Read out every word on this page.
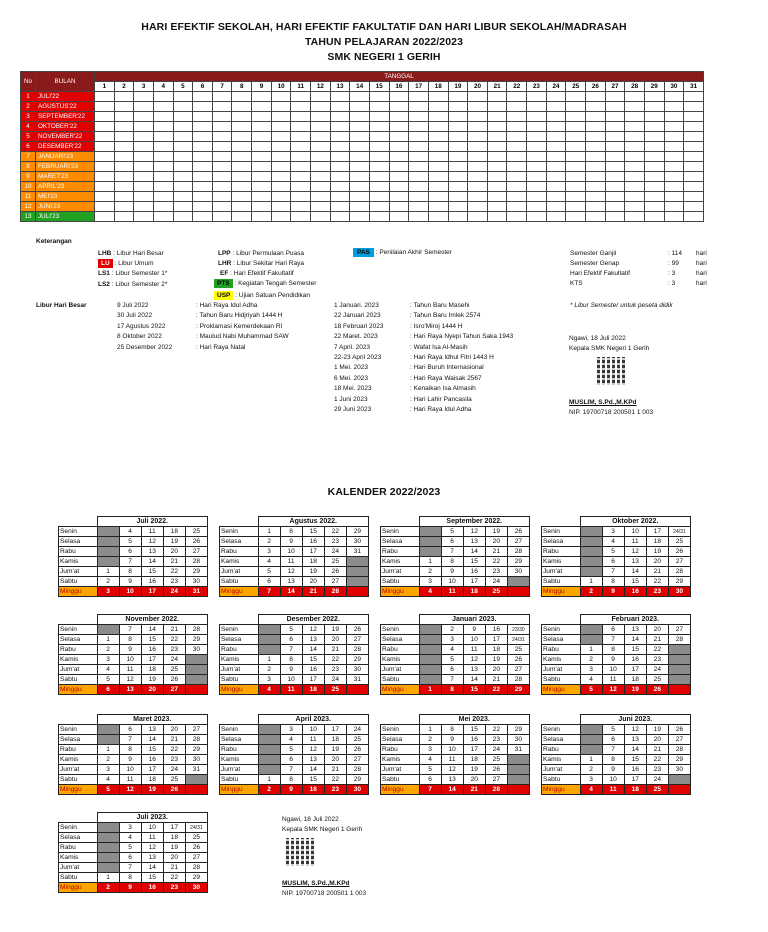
HARI EFEKTIF SEKOLAH, HARI EFEKTIF FAKULTATIF DAN HARI LIBUR SEKOLAH/MADRASAH
TAHUN PELAJARAN 2022/2023
SMK NEGERI 1 GERIH
No	BULAN	TANGGAL																														
		1	2	3	4	5	6	7	8	9	10	11	12	13	14	15	16	17	18	19	20	21	22	23	24	25	26	27	28	29	30	31
1	JULI'22																															
2	AGUSTUS'22																															
3	SEPTEMBER'22																															
4	OKTOBER'22																															
5	NOVEMBER'22																															
6	DESEMBER'22																															
7	JANUARI'23																															
8	FEBRUARI'23																															
9	MARET'23																															
10	APRIL'23																															
11	MEI'23																															
12	JUNI'23																															
13	JULI'23																															
Keterangan
LHB : Libur Hari Besar
LU : Libur Umum
LS1 : Libur Semester 1*
LS2 : Libur Semester 2*
LPP : Libur Permulaan Puasa
LHR : Libur Sekitar Hari Raya
EF : Hari Efektif Fakultatif
PTS : Kegiatan Tengah Semester
USP : Ujian Satuan Pendidikan
PAS : Penilaian Akhir Semester	Semester Ganjil	: 114 hari
Semester Genap	: 99	hari
Hari Efektif Fakultatif	: 3	hari
KTS	: 3	hari
* Libur Semester untuk peseta didik
Libur Hari Besar	9 Juli 2022	: Hari Raya Idul Adha
30 Juli 2022	: Tahun Baru Hidjriyah 1444 H
17 Agustus 2022	: Proklamasi Kemerdekaan RI
8 Oktober 2022	: Maulud Nabi Muhammad SAW
25 Desember 2022	: Hari Raya Natal
1 Januari. 2023	: Tahun Baru Masehi
22 Januari 2023	: Tahun Baru Imlek 2574
18 Februari 2023	: Isro'Miroj 1444 H
22 Maret. 2023	: Hari Raya Nyepi Tahun Saka 1943
7 April. 2023	: Wafat Isa Al-Masih
22-23 April 2023	: Hari Raya Idhul Fitri 1443 H
1 Mei. 2023	: Hari Buruh Internasional
6 Mei. 2023	: Hari Raya Waisak 2567
18 Mei. 2023	: Kenaikan Isa Almasih
1 Juni 2023	: Hari Lahir Pancasila
29 Juni 2023	: Hari Raya Idul Adha
Ngawi, 18 Juli 2022
Kepala SMK Negeri 1 Gerih
MUSLIM, S.Pd.,M.KPd
NIP. 19700718 200501 1 003
KALENDER 2022/2023
	Juli 2022.				
Senin		4	11	18	25
Selasa		5	12	19	26
Rabu		6	13	20	27
Kamis		7	14	21	28
Jum'at	1	8	15	22	29
Sabtu	2	9	16	23	30
Minggu	3	10	17	24	31
	Agustus 2022.				
Senin	1	8	15	22	29
Selasa	2	9	16	23	30
Rabu	3	10	17	24	31
Kamis	4	11	18	25	
Jum'at	5	12	19	26	
Sabtu	6	13	20	27	
Minggu	7	14	21	28	
	September 2022.				
Senin		5	12	19	26
Selasa		6	13	20	27
Rabu		7	14	21	28
Kamis	1	8	15	22	29
Jum'at	2	9	16	23	30
Sabtu	3	10	17	24	
Minggu	4	11	18	25	
	Oktober 2022.				
Senin		3	10	17	24/31
Selasa		4	11	18	25
Rabu		5	12	19	26
Kamis		6	13	20	27
Jum'at		7	14	21	28
Sabtu	1	8	15	22	29
Minggu	2	9	16	23	30
	November 2022.				
Senin		7	14	21	28
Selasa	1	8	15	22	29
Rabu	2	9	16	23	30
Kamis	3	10	17	24	
Jum'at	4	11	18	25	
Sabtu	5	12	19	26	
Minggu	6	13	20	27	
	Desember 2022.				
Senin		5	12	19	26
Selasa		6	13	20	27
Rabu		7	14	21	28
Kamis	1	8	15	22	29
Jum'at	2	9	16	23	30
Sabtu	3	10	17	24	31
Minggu	4	11	18	25	
	Januari 2023.				
Senin		2	9	16	23/30
Selasa		3	10	17	24/31
Rabu		4	11	18	25
Kamis		5	12	19	26
Jum'at		6	13	20	27
Sabtu		7	14	21	28
Minggu	1	8	15	22	29
	Februari 2023.				
Senin		6	13	20	27
Selasa		7	14	21	28
Rabu	1	8	15	22	
Kamis	2	9	16	23	
Jum'at	3	10	17	24	
Sabtu	4	11	18	25	
Minggu	5	12	19	26	
	Maret 2023.				
Senin		6	13	20	27
Selasa		7	14	21	28
Rabu	1	8	15	22	29
Kamis	2	9	16	23	30
Jum'at	3	10	17	24	31
Sabtu	4	11	18	25	
Minggu	5	12	19	26	
	April 2023.				
Senin		3	10	17	24
Selasa		4	11	18	25
Rabu		5	12	19	26
Kamis		6	13	20	27
Jum'at		7	14	21	28
Sabtu	1	8	15	22	29
Minggu	2	9	16	23	30
	Mei 2023.				
Senin	1	8	15	22	29
Selasa	2	9	16	23	30
Rabu	3	10	17	24	31
Kamis	4	11	18	25	
Jum'at	5	12	19	26	
Sabtu	6	13	20	27	
Minggu	7	14	21	28	
	Juni 2023.				
Senin		5	12	19	26
Selasa		6	13	20	27
Rabu		7	14	21	28
Kamis	1	8	15	22	29
Jum'at	2	9	16	23	30
Sabtu	3	10	17	24	
Minggu	4	11	18	25	
	Juli 2023.				
Senin		3	10	17	24/31
Selasa		4	11	18	25
Rabu		5	12	19	26
Kamis		6	13	20	27
Jum'at		7	14	21	28
Sabtu	1	8	15	22	29
Minggu	2	9	16	23	30
Ngawi, 18 Juli 2022
Kepala SMK Negeri 1 Gerih
MUSLIM, S.Pd.,M.KPd
NIP. 19700718 200501 1 003
